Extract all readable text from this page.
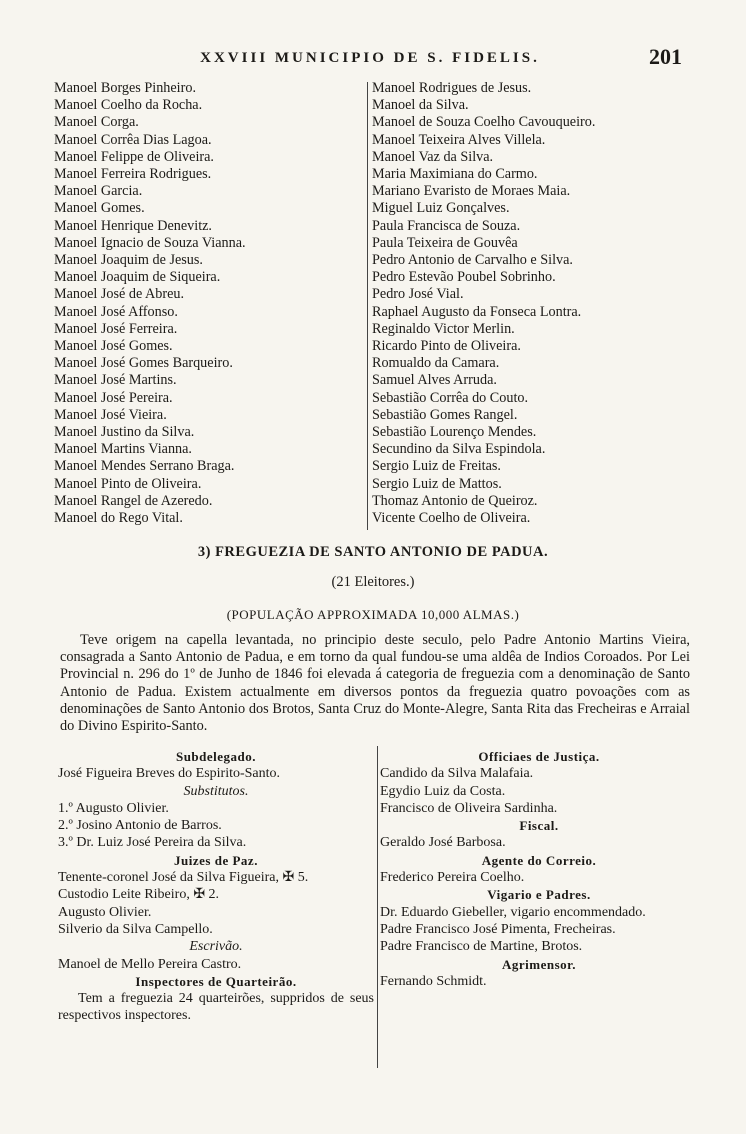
XXVIII MUNICIPIO DE S. FIDELIS.	201
Manoel Borges Pinheiro.
Manoel Coelho da Rocha.
Manoel Corga.
Manoel Corrêa Dias Lagoa.
Manoel Felippe de Oliveira.
Manoel Ferreira Rodrigues.
Manoel Garcia.
Manoel Gomes.
Manoel Henrique Denevitz.
Manoel Ignacio de Souza Vianna.
Manoel Joaquim de Jesus.
Manoel Joaquim de Siqueira.
Manoel José de Abreu.
Manoel José Affonso.
Manoel José Ferreira.
Manoel José Gomes.
Manoel José Gomes Barqueiro.
Manoel José Martins.
Manoel José Pereira.
Manoel José Vieira.
Manoel Justino da Silva.
Manoel Martins Vianna.
Manoel Mendes Serrano Braga.
Manoel Pinto de Oliveira.
Manoel Rangel de Azeredo.
Manoel do Rego Vital.
Manoel Rodrigues de Jesus.
Manoel da Silva.
Manoel de Souza Coelho Cavouqueiro.
Manoel Teixeira Alves Villela.
Manoel Vaz da Silva.
Maria Maximiana do Carmo.
Mariano Evaristo de Moraes Maia.
Miguel Luiz Gonçalves.
Paula Francisca de Souza.
Paula Teixeira de Gouvêa
Pedro Antonio de Carvalho e Silva.
Pedro Estevão Poubel Sobrinho.
Pedro José Vial.
Raphael Augusto da Fonseca Lontra.
Reginaldo Victor Merlin.
Ricardo Pinto de Oliveira.
Romualdo da Camara.
Samuel Alves Arruda.
Sebastião Corrêa do Couto.
Sebastião Gomes Rangel.
Sebastião Lourenço Mendes.
Secundino da Silva Espindola.
Sergio Luiz de Freitas.
Sergio Luiz de Mattos.
Thomaz Antonio de Queiroz.
Vicente Coelho de Oliveira.
3) FREGUEZIA DE SANTO ANTONIO DE PADUA.
(21 Eleitores.)
(POPULAÇÃO APPROXIMADA 10,000 ALMAS.)
Teve origem na capella levantada, no principio deste seculo, pelo Padre Antonio Martins Vieira, consagrada a Santo Antonio de Padua, e em torno da qual fundou-se uma aldêa de Indios Coroados. Por Lei Provincial n. 296 do 1º de Junho de 1846 foi elevada á categoria de freguezia com a denominação de Santo Antonio de Padua. Existem actualmente em diversos pontos da freguezia quatro povoações com as denominações de Santo Antonio dos Brotos, Santa Cruz do Monte-Alegre, Santa Rita das Frecheiras e Arraial do Divino Espirito-Santo.

Subdelegado.

José Figueira Breves do Espirito-Santo.

Substitutos.

1.º Augusto Olivier.

2.º Josino Antonio de Barros.

3.º Dr. Luiz José Pereira da Silva.

Juizes de Paz.

Tenente-coronel José da Silva Figueira, ✠ 5.

Custodio Leite Ribeiro, ✠ 2.

Augusto Olivier.

Silverio da Silva Campello.

Escrivão.

Manoel de Mello Pereira Castro.

Inspectores de Quarteirão.

Tem a freguezia 24 quarteirões, suppridos de seus respectivos inspectores.

Officiaes de Justiça.

Candido da Silva Malafaia.

Egydio Luiz da Costa.

Francisco de Oliveira Sardinha.

Fiscal.

Geraldo José Barbosa.

Agente do Correio.

Frederico Pereira Coelho.

Vigario e Padres.

Dr. Eduardo Giebeller, vigario encommendado.

Padre Francisco José Pimenta, Frecheiras.

Padre Francisco de Martine, Brotos.

Agrimensor.

Fernando Schmidt.
